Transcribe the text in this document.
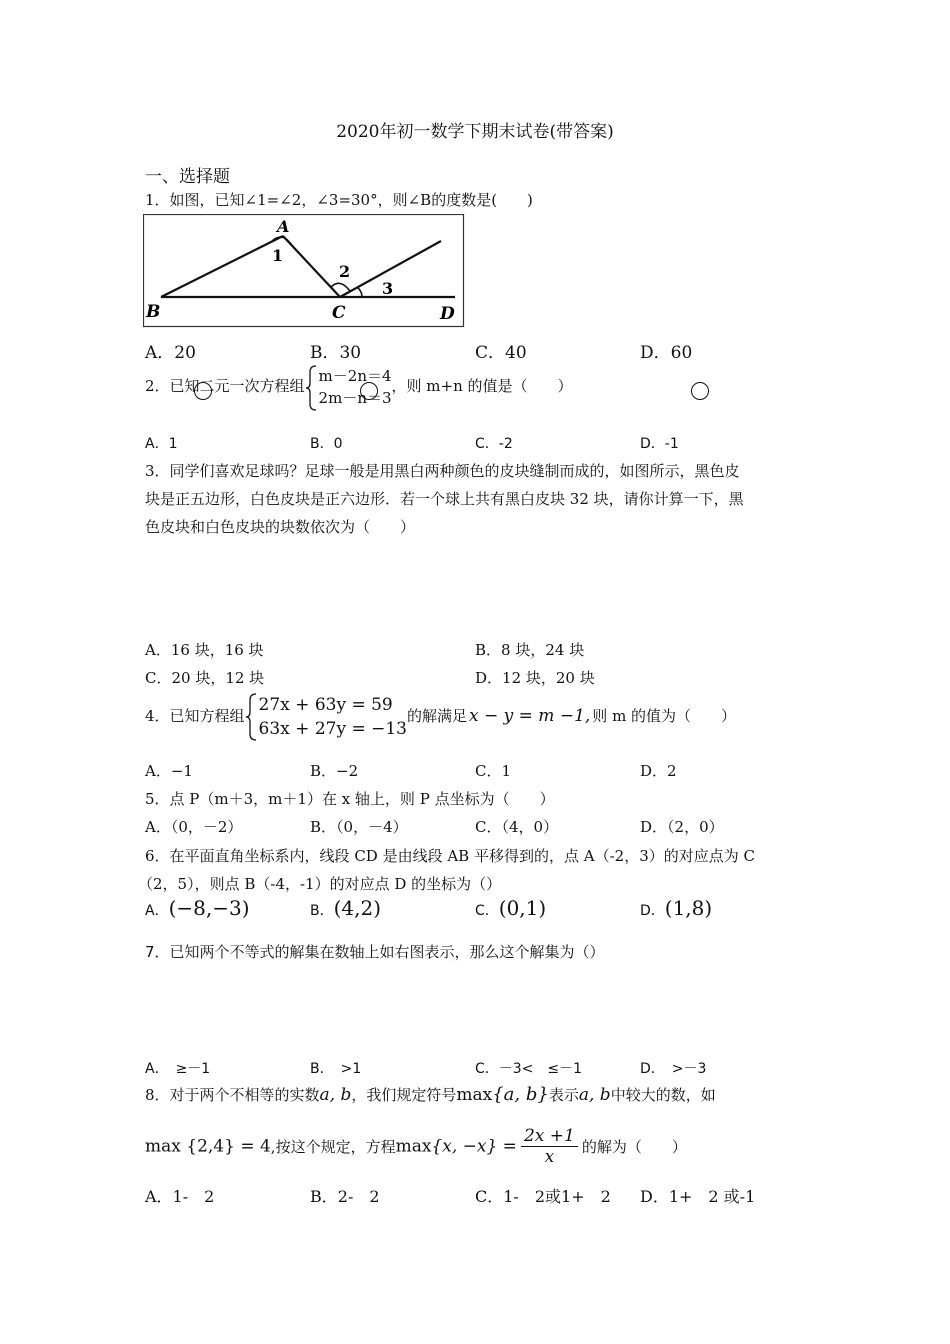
2020年初一数学下期末试卷(带答案)
一、选择题
1．如图，已知∠1=∠2，∠3=30°，则∠B的度数是(　　)
A
1
2
3
B	C	D
A．20	B．30	C．40	D．60
2．已知二元一次方程组
m－2n＝4
2m－n＝3
，则 m+n 的值是（　　）
A．1	B．0	C．-2	D．-1
3．同学们喜欢足球吗？足球一般是用黑白两种颜色的皮块缝制而成的，如图所示，黑色皮
块是正五边形，白色皮块是正六边形．若一个球上共有黑白皮块 32 块，请你计算一下，黑
色皮块和白色皮块的块数依次为（　　）
A．16 块，16 块	B．8 块，24 块
C．20 块，12 块	D．12 块，20 块
4．已知方程组
27x + 63y = 59
63x + 27y = −13
的解满足 x − y = m −1, 则 m 的值为（　　）
A．−1	B．−2	C．1	D．2
5．点 P（m＋3，m＋1）在 x 轴上，则 P 点坐标为（　　）
A．（0，－2）	B．（0，－4）	C．（4，0）	D．（2，0）
6．在平面直角坐标系内，线段 CD 是由线段 AB 平移得到的，点 A（-2，3）的对应点为 C
（2，5），则点 B（-4，-1）的对应点 D 的坐标为（）
A．(−8,−3)	B．(4,2)	C．(0,1)	D．(1,8)
7．已知两个不等式的解集在数轴上如右图表示，那么这个解集为（）
A．　≥－1	B．　>1	C．－3<　≤－1	D．　>－3
8．对于两个不相等的实数a, b，我们规定符号max{a, b}表示a, b中较大的数，如
max {2,4} = 4,按这个规定，方程max{x, $-x\} = \frac{2x +1}{x}$ 的解为（　　）
A．1-　2	B．2-　2	C．1-　2或1+　2 D．1+　2 或-1
